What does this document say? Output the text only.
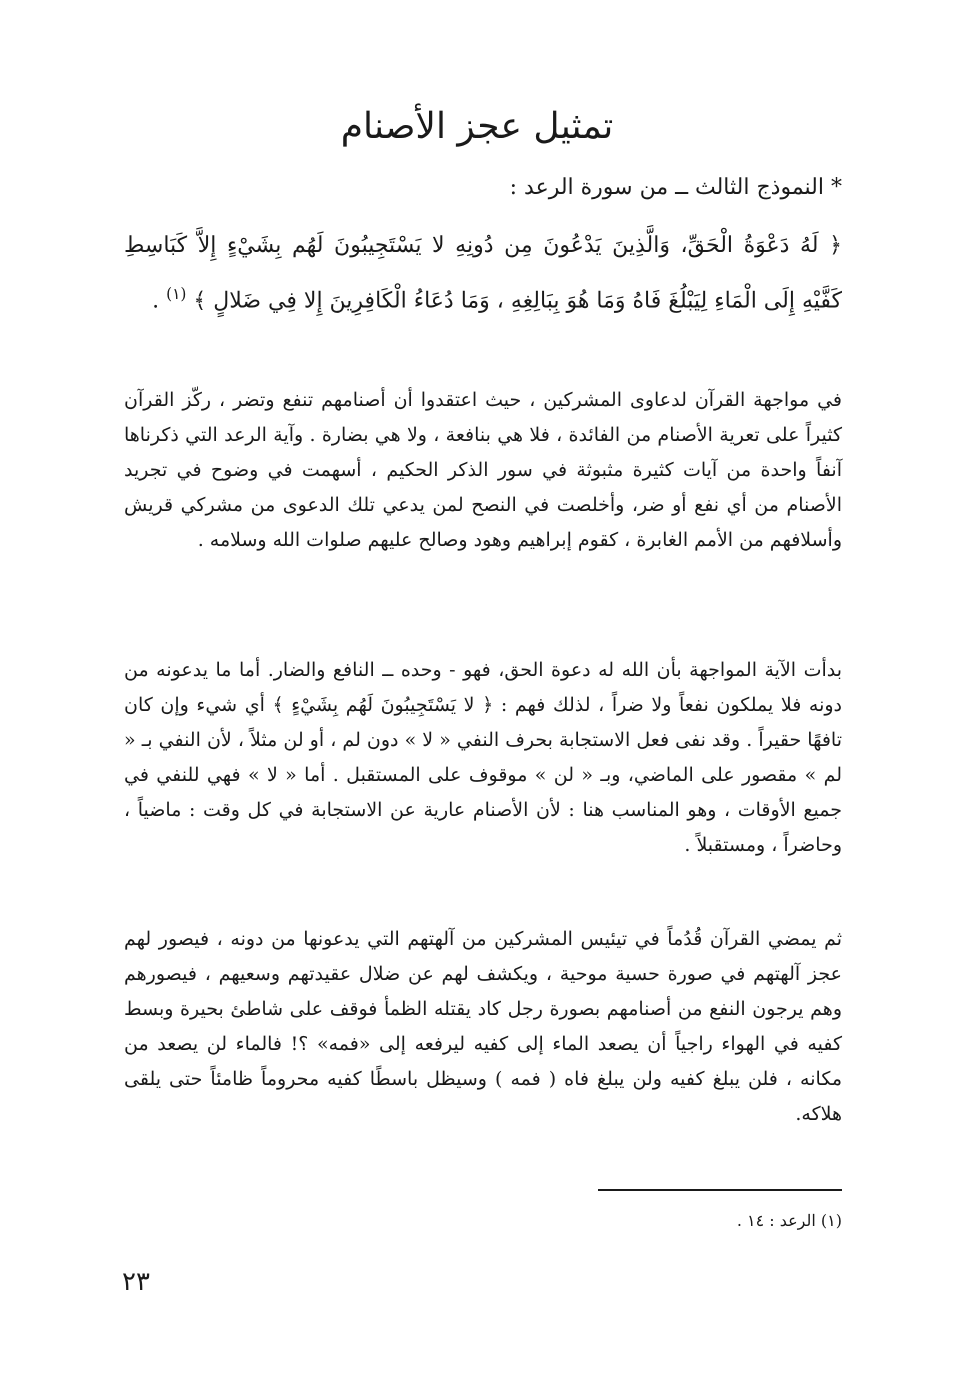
تمثيل عجز الأصنام
* النموذج الثالث ــ من سورة الرعد :
﴿ لَهُ دَعْوَةُ الْحَقِّ، وَالَّذِينَ يَدْعُونَ مِن دُونِهِ لا يَسْتَجِيبُونَ لَهُم بِشَيْءٍ إِلاَّ كَبَاسِطِ كَفَّيْهِ إِلَى الْمَاءِ لِيَبْلُغَ فَاهُ وَمَا هُوَ بِبَالِغِهِ ، وَمَا دُعَاءُ الْكَافِرِينَ إِلا فِي ضَلالٍ ﴾ $^{(١)}$ .

في مواجهة القرآن لدعاوى المشركين ، حيث اعتقدوا أن أصنامهم تنفع وتضر ، ركّز القرآن كثيراً على تعرية الأصنام من الفائدة ، فلا هي بنافعة ، ولا هي بضارة . وآية الرعد التي ذكرناها آنفاً واحدة من آيات كثيرة مثبوثة في سور الذكر الحكيم ، أسهمت في وضوح في تجريد الأصنام من أي نفع أو ضر، وأخلصت في النصح لمن يدعي تلك الدعوى من مشركي قريش وأسلافهم من الأمم الغابرة ، كقوم إبراهيم وهود وصالح عليهم صلوات الله وسلامه .

بدأت الآية المواجهة بأن الله له دعوة الحق، فهو - وحده ــ النافع والضار. أما ما يدعونه من دونه فلا يملكون نفعاً ولا ضراً ، لذلك فهم : ﴿ لا يَسْتَجِيبُونَ لَهُم بِشَيْءٍ ﴾ أي شيء وإن كان تافهًا حقيراً . وقد نفى فعل الاستجابة بحرف النفي « لا » دون لم ، أو لن مثلاً ، لأن النفي بـ « لم » مقصور على الماضي، وبـ « لن » موقوف على المستقبل . أما « لا » فهي للنفي في جميع الأوقات ، وهو المناسب هنا : لأن الأصنام عارية عن الاستجابة في كل وقت : ماضياً ، وحاضراً ، ومستقبلاً .

ثم يمضي القرآن قُدُماً في تيئيس المشركين من آلهتهم التي يدعونها من دونه ، فيصور لهم عجز آلهتهم في صورة حسية موحية ، ويكشف لهم عن ضلال عقيدتهم وسعيهم ، فيصورهم وهم يرجون النفع من أصنامهم بصورة رجل كاد يقتله الظمأ فوقف على شاطئ بحيرة وبسط كفيه في الهواء راجياً أن يصعد الماء إلى كفيه ليرفعه إلى «فمه» ؟! فالماء لن يصعد من مكانه ، فلن يبلغ كفيه ولن يبلغ فاه ( فمه ) وسيظل باسطًا كفيه محروماً ظامئاً حتى يلقى هلاكه.

(١) الرعد : ١٤ .
٢٣
